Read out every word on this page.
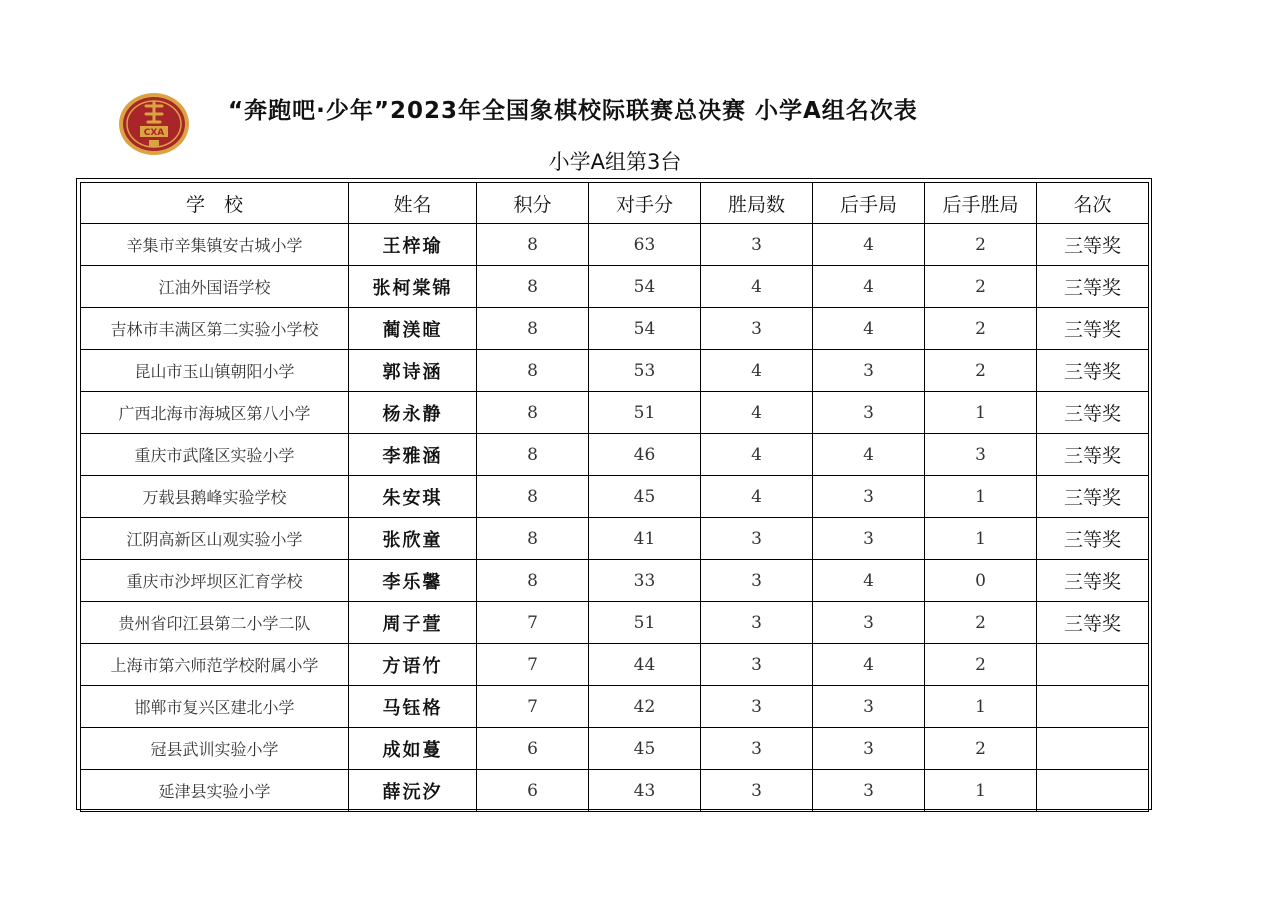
CXA
“奔跑吧·少年”2023年全国象棋校际联赛总决赛 小学A组名次表
小学A组第3台
学　校	姓名	积分	对手分	胜局数	后手局	后手胜局	名次
辛集市辛集镇安古城小学	王梓瑜	8	63	3	4	2	三等奖
江油外国语学校	张柯棠锦	8	54	4	4	2	三等奖
吉林市丰满区第二实验小学校	蔺渼暄	8	54	3	4	2	三等奖
昆山市玉山镇朝阳小学	郭诗涵	8	53	4	3	2	三等奖
广西北海市海城区第八小学	杨永静	8	51	4	3	1	三等奖
重庆市武隆区实验小学	李雅涵	8	46	4	4	3	三等奖
万载县鹅峰实验学校	朱安琪	8	45	4	3	1	三等奖
江阴高新区山观实验小学	张欣童	8	41	3	3	1	三等奖
重庆市沙坪坝区汇育学校	李乐馨	8	33	3	4	0	三等奖
贵州省印江县第二小学二队	周子萱	7	51	3	3	2	三等奖
上海市第六师范学校附属小学	方语竹	7	44	3	4	2	
邯郸市复兴区建北小学	马钰格	7	42	3	3	1	
冠县武训实验小学	成如蔓	6	45	3	3	2	
延津县实验小学	薛沅汐	6	43	3	3	1	
